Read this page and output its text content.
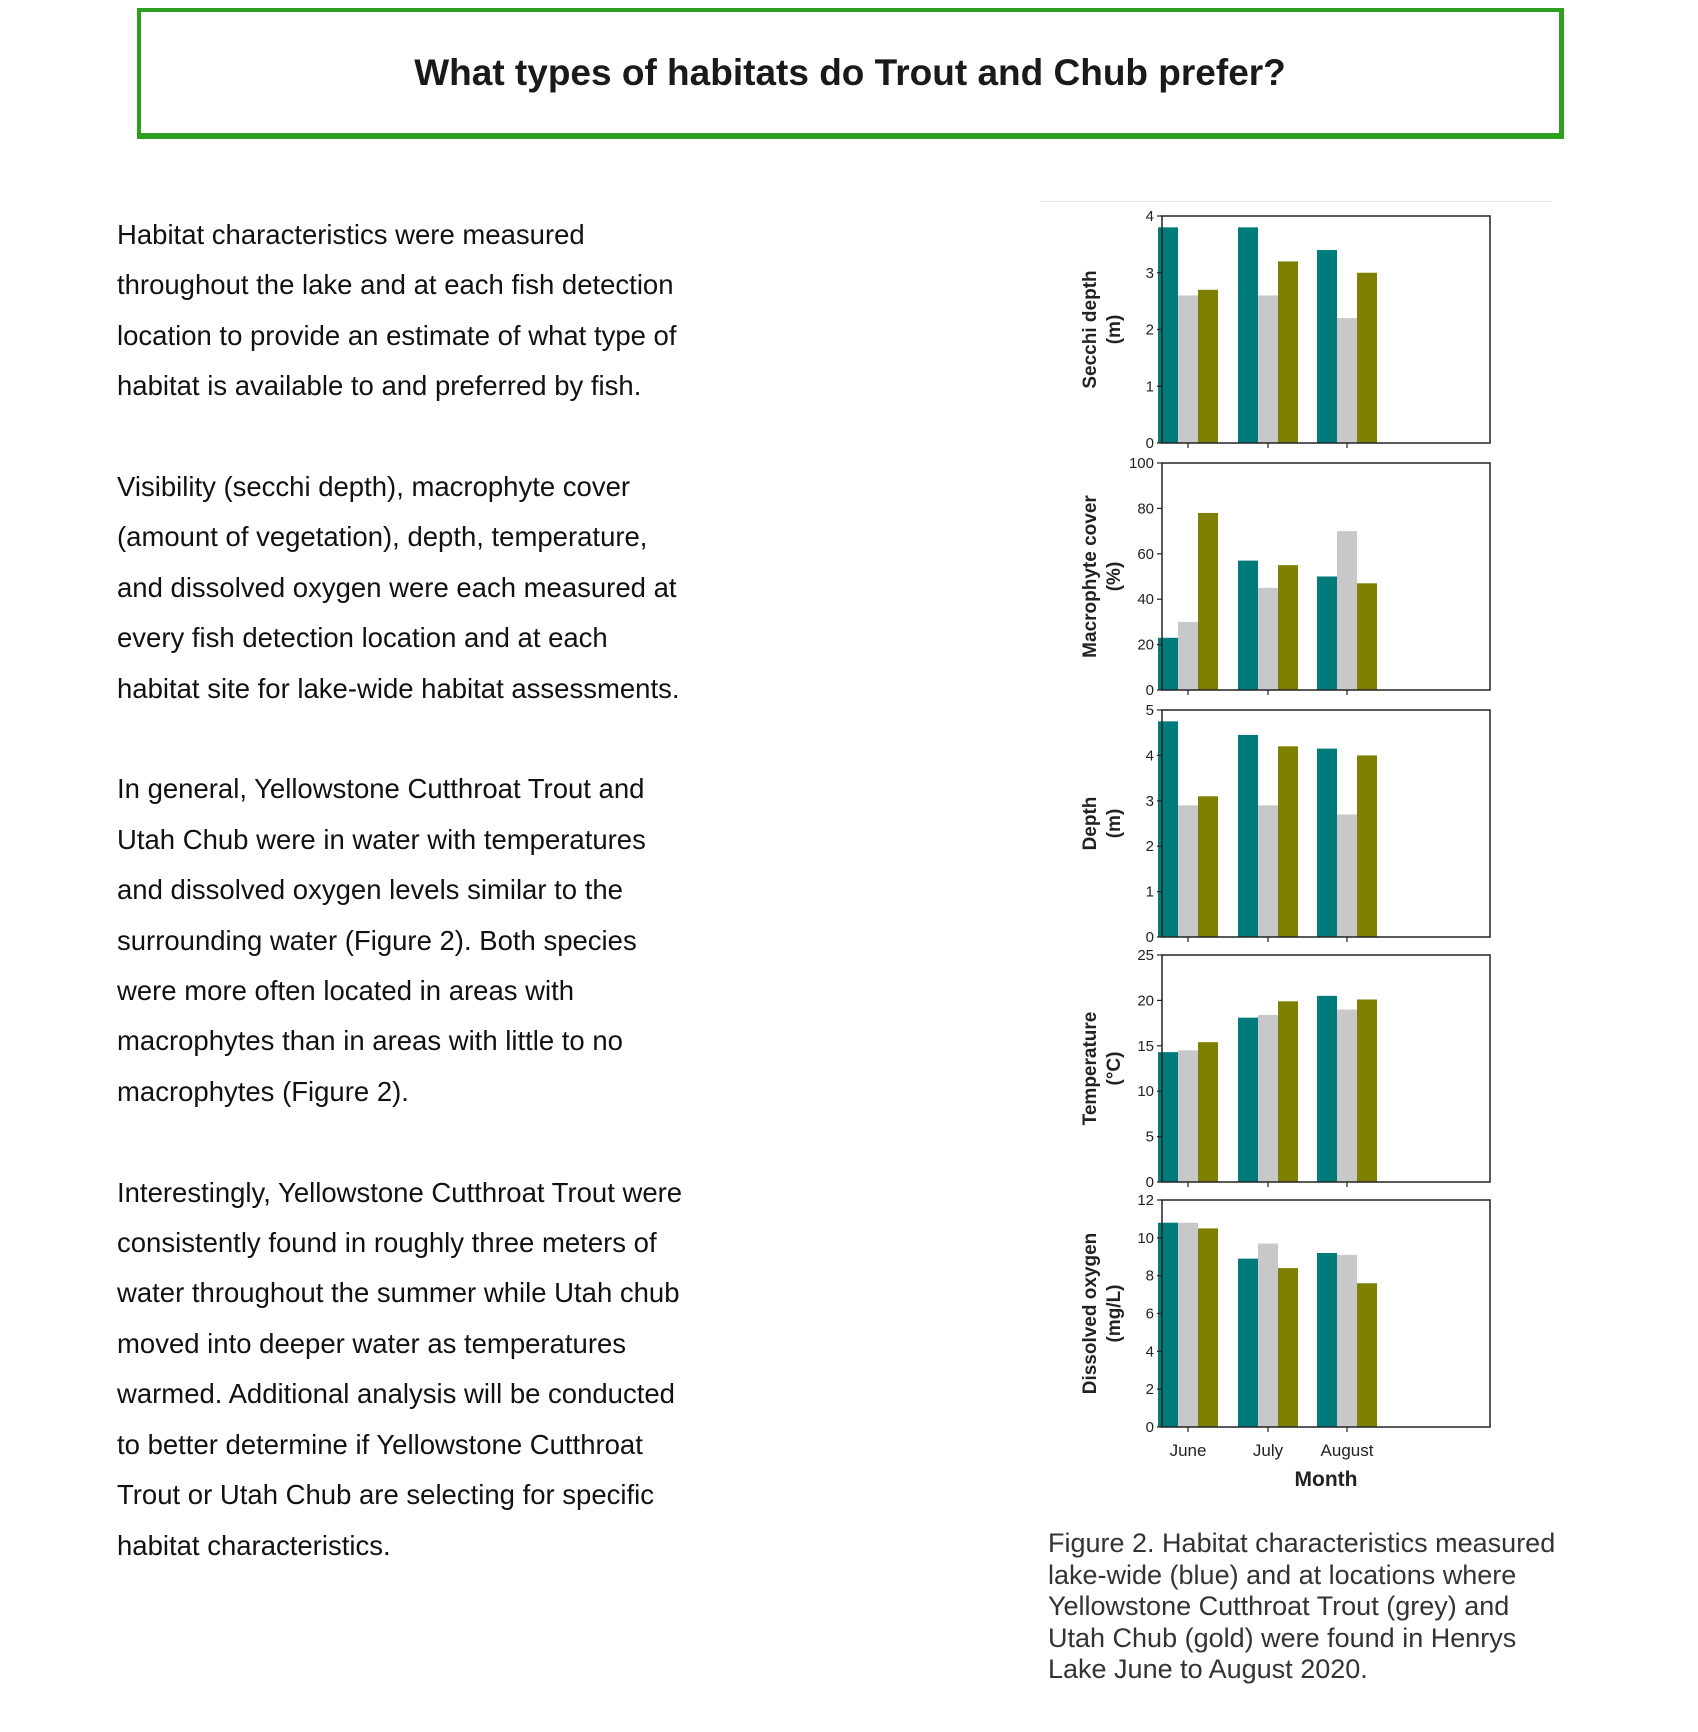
What types of habitats do Trout and Chub prefer?

Habitat characteristics were measured throughout the lake and at each fish detection location to provide an estimate of what type of habitat is available to and preferred by fish.

Visibility (secchi depth), macrophyte cover (amount of vegetation), depth, temperature, and dissolved oxygen were each measured at every fish detection location and at each habitat site for lake-wide habitat assessments.

In general, Yellowstone Cutthroat Trout and Utah Chub were in water with temperatures and dissolved oxygen levels similar to the surrounding water (Figure 2). Both species were more often located in areas with macrophytes than in areas with little to no macrophytes (Figure 2).

Interestingly, Yellowstone Cutthroat Trout were consistently found in roughly three meters of water throughout the summer while Utah chub moved into deeper water as temperatures warmed. Additional analysis will be conducted to better determine if Yellowstone Cutthroat Trout or Utah Chub are selecting for specific habitat characteristics.

0
1
2
3
4
Secchi depth (m)
0
20
40
60
80
100
Macrophyte cover (%)
0
1
2
3
4
5
Depth (m)
0
5
10
15
20
25
Temperature (°C)
0
2
4
6
8
10
12
Dissolved oxygen (mg/L)
June	July August
Month
Figure 2. Habitat characteristics measured lake-wide (blue) and at locations where Yellowstone Cutthroat Trout (grey) and Utah Chub (gold) were found in Henrys Lake June to August 2020.
